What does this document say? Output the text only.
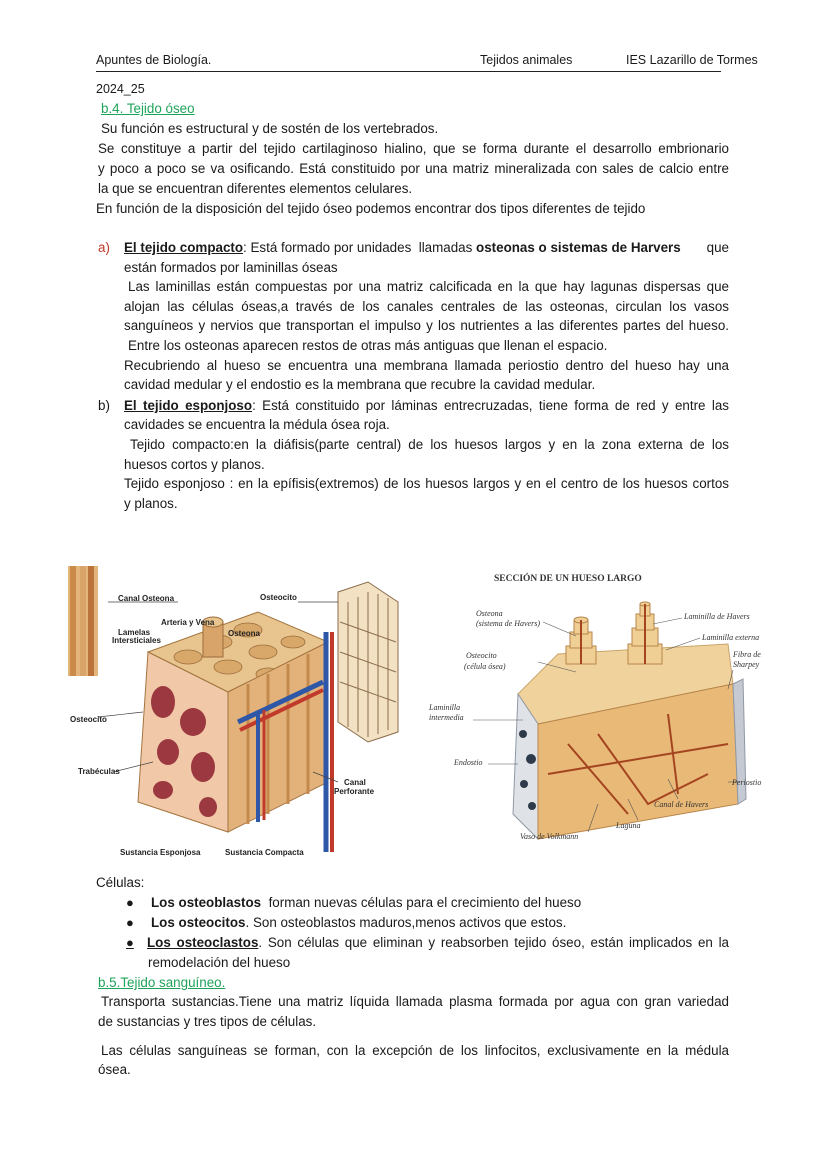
Apuntes de Biología.	Tejidos animales	IES Lazarillo de Tormes
2024_25
b.4. Tejido óseo
Su función es estructural y de sostén de los vertebrados.
Se constituye a partir del tejido cartilaginoso hialino, que se forma durante el desarrollo embrionario
y poco a poco se va osificando. Está constituido por una matriz mineralizada con sales de calcio entre
la que se encuentran diferentes elementos celulares.
En función de la disposición del tejido óseo podemos encontrar dos tipos diferentes de tejido
a) El tejido compacto: Está formado por unidades  llamadas osteonas o sistemas de Harvers que
están formados por laminillas óseas
Las laminillas están compuestas por una matriz calcificada en la que hay lagunas dispersas que
alojan las células óseas,a través de los canales centrales de las osteonas, circulan los vasos
sanguíneos y nervios que transportan el impulso y los nutrientes a las diferentes partes del hueso.
Entre los osteonas aparecen restos de otras más antiguas que llenan el espacio.
Recubriendo al hueso se encuentra una membrana llamada periostio dentro del hueso hay una
cavidad medular y el endostio es la membrana que recubre la cavidad medular.
b) El tejido esponjoso: Está constituido por láminas entrecruzadas, tiene forma de red y entre las
cavidades se encuentra la médula ósea roja.
Tejido compacto:en la diáfisis(parte central) de los huesos largos y en la zona externa de los
huesos cortos y planos.
Tejido esponjoso : en la epífisis(extremos) de los huesos largos y en el centro de los huesos cortos
y planos.
Canal Osteona	Osteocito
Arteria y Vena
Lamelas
Intersticiales
Osteona
Osteocito
Trabéculas
Canal
Perforante
Sustancia Esponjosa	Sustancia Compacta
SECCIÓN DE UN HUESO LARGO
Osteona
(sistema de Havers)
Osteocito
(célula ósea)
Laminilla
intermedia
Endostio
Laminilla de Havers
Laminilla externa
Fibra de
Sharpey
Periostio
Canal de Havers
Laguna
Vaso de Volkmann
Células:
● Los osteoblastos  forman nuevas células para el crecimiento del hueso
● Los osteocitos. Son osteoblastos maduros,menos activos que estos.
● Los osteoclastos. Son células que eliminan y reabsorben tejido óseo, están implicados en la
remodelación del hueso
b.5.Tejido sanguíneo.
Transporta sustancias.Tiene una matriz líquida llamada plasma formada por agua con gran variedad
de sustancias y tres tipos de células.
Las células sanguíneas se forman, con la excepción de los linfocitos, exclusivamente en la médula
ósea.
